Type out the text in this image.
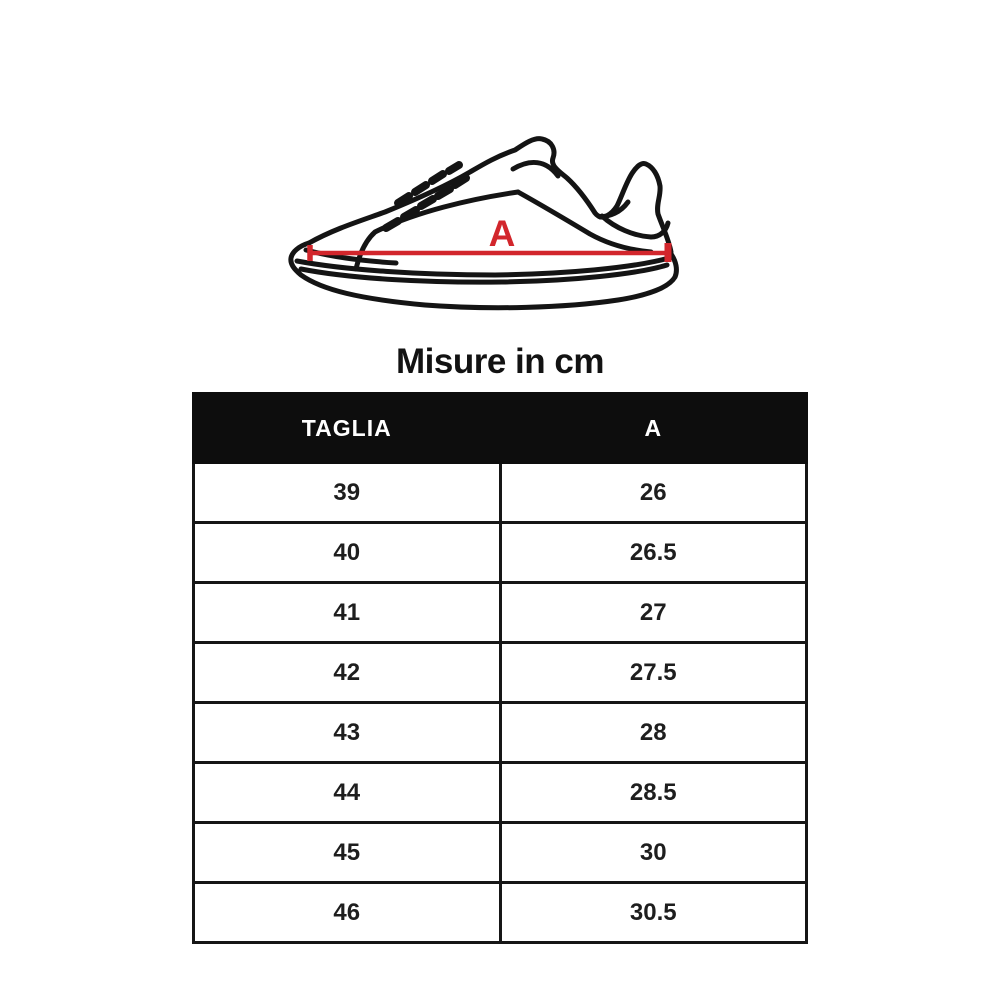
A
Misure in cm
TAGLIA	A
39	26
40	26.5
41	27
42	27.5
43	28
44	28.5
45	30
46	30.5
